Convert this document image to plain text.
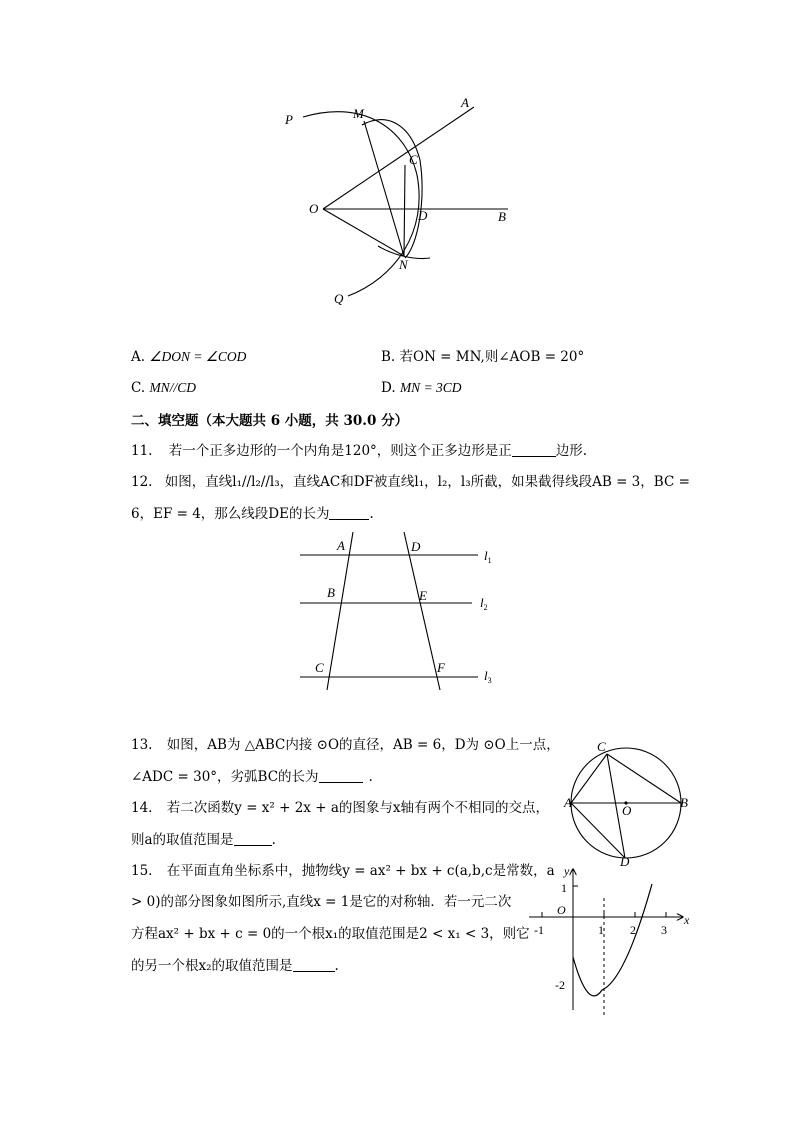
P	M
A
C
O	D	B
N
Q
A. ∠DON = ∠COD	B. 若ON = MN,则∠AOB = 20°
C. MN//CD	D. MN = 3CD
二、填空题（本大题共 6 小题，共 30.0 分）
11. 若一个正多边形的一个内角是120°，则这个正多边形是正	边形.
12. 如图，直线l₁//l₂//l₃，直线AC和DF被直线l₁，l₂，l₃所截，如果截得线段AB = 3，BC =
6，EF = 4，那么线段DE的长为	.
A	D
B	E
C	F
$l_1$
$l_2$
$l_3$
13. 如图，AB为 △ABC内接 ⊙O的直径，AB = 6，D为 ⊙O上一点，
∠ADC = 30°，劣弧BC的长为	.
C
A
O
B
D
14. 若二次函数y = x² + 2x + a的图象与x轴有两个不相同的交点，
则a的取值范围是	.
15. 在平面直角坐标系中，抛物线y = ax² + bx + c(a,b,c是常数，a
> 0)的部分图象如图所示,直线x = 1是它的对称轴．若一元二次
方程ax² + bx + c = 0的一个根x₁的取值范围是2 < x₁ < 3，则它
的另一个根x₂的取值范围是	.
y
x
O
1
-2
-1	1 2 3
